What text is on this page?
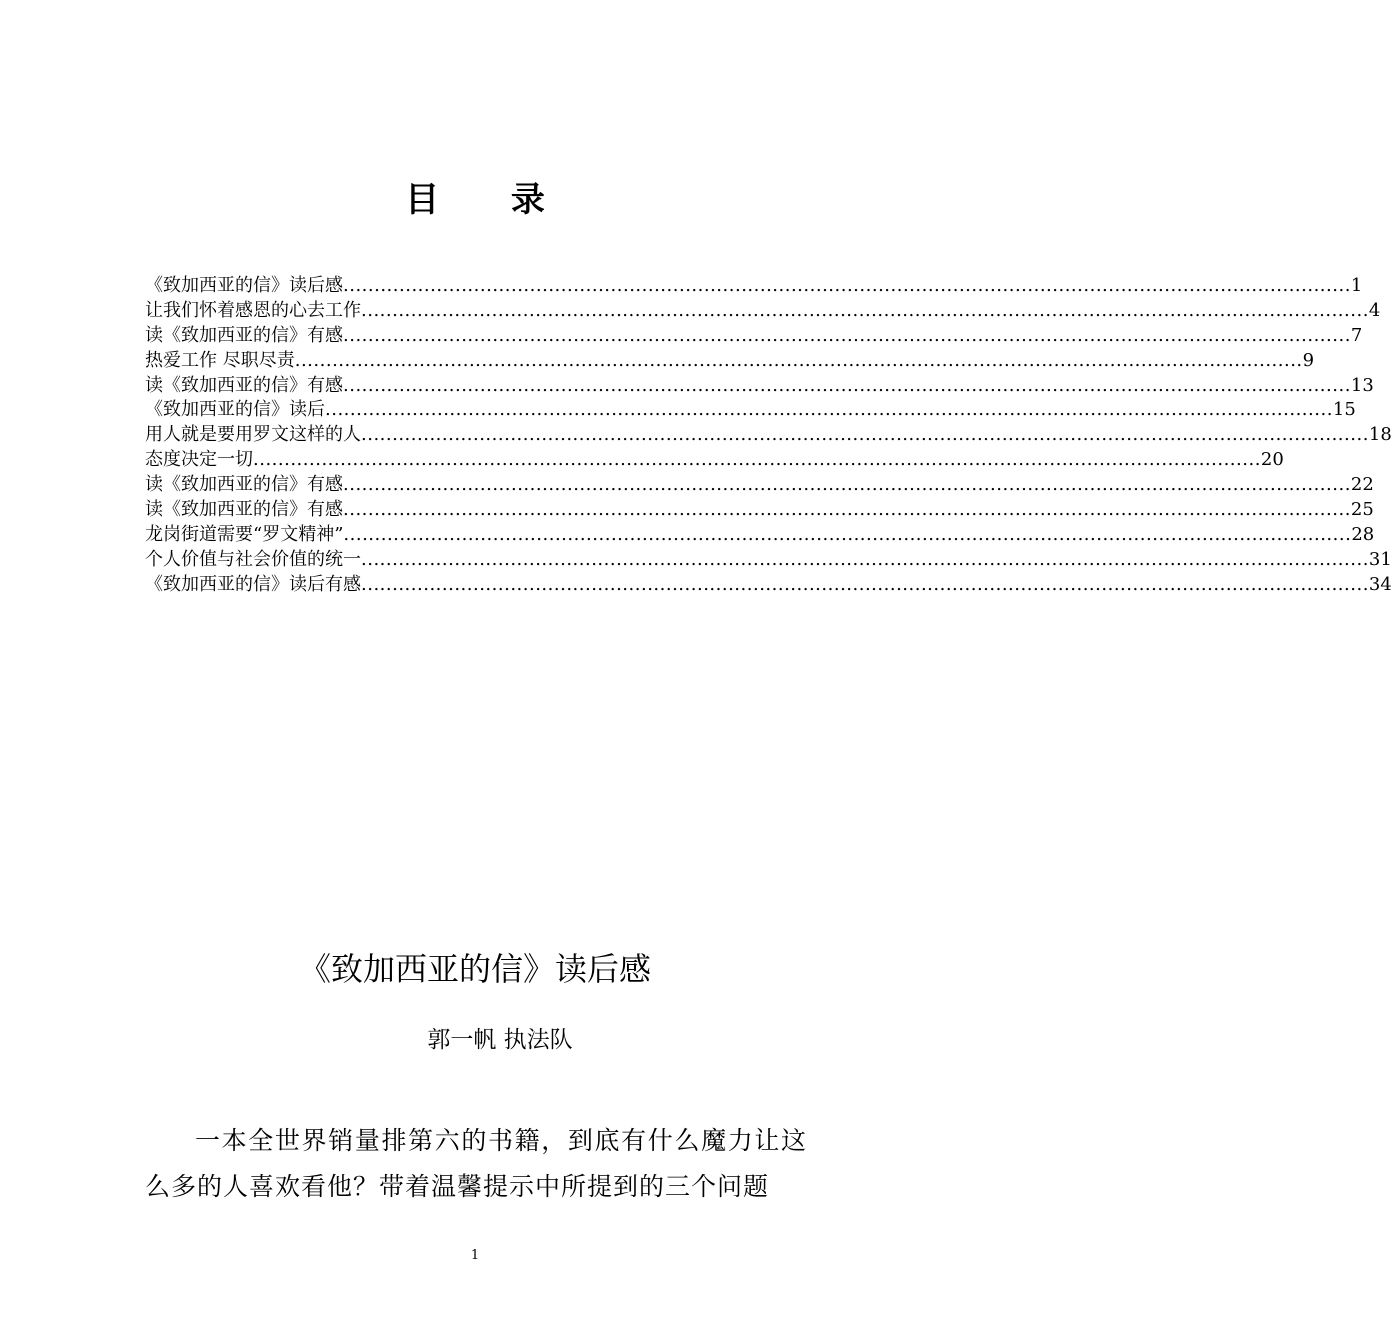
目 录
《致加西亚的信》读后感 .................................................................................................................................................................. 1
让我们怀着感恩的心去工作 .................................................................................................................................................................. 4
读《致加西亚的信》有感 .................................................................................................................................................................. 7
热爱工作 尽职尽责 .................................................................................................................................................................. 9
读《致加西亚的信》有感 .................................................................................................................................................................. 13
《致加西亚的信》读后 .................................................................................................................................................................. 15
用人就是要用罗文这样的人 .................................................................................................................................................................. 18
态度决定一切 .................................................................................................................................................................. 20
读《致加西亚的信》有感 .................................................................................................................................................................. 22
读《致加西亚的信》有感 .................................................................................................................................................................. 25
龙岗街道需要“罗文精神” .................................................................................................................................................................. 28
个人价值与社会价值的统一 .................................................................................................................................................................. 31
《致加西亚的信》读后有感 .................................................................................................................................................................. 34
《致加西亚的信》读后感
郭一帆 执法队
一本全世界销量排第六的书籍，到底有什么魔力让这么多的人喜欢看他？带着温馨提示中所提到的三个问题
1
